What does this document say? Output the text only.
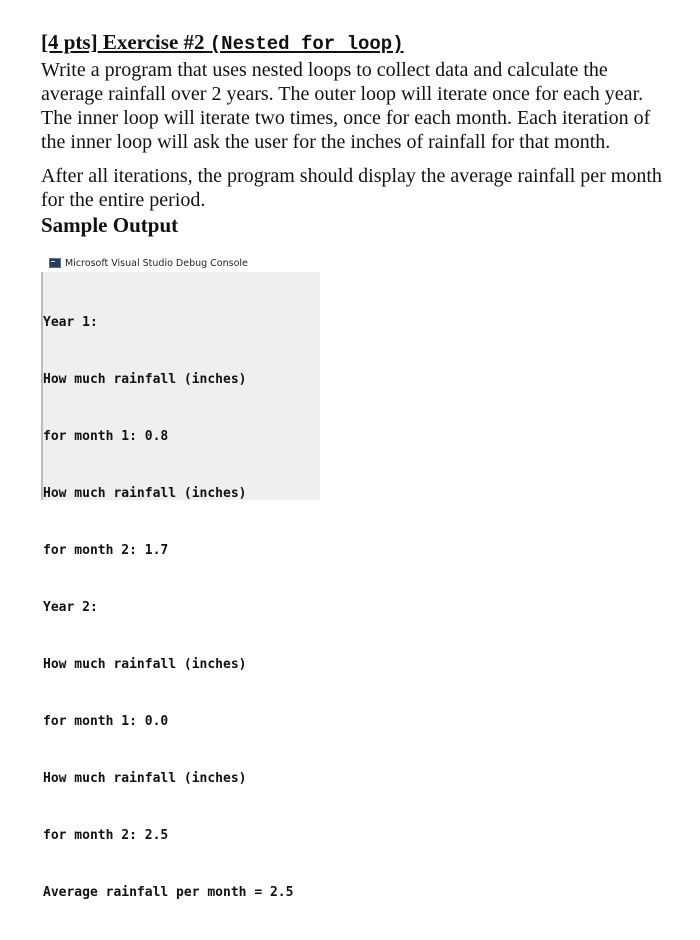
[4 pts] Exercise #2 (Nested for loop)

Write a program that uses nested loops to collect data and calculate the average rainfall over 2 years. The outer loop will iterate once for each year. The inner loop will iterate two times, once for each month. Each iteration of the inner loop will ask the user for the inches of rainfall for that month.

After all iterations, the program should display the average rainfall per month for the entire period.

Sample Output
Microsoft Visual Studio Debug Console

Year 1:

How much rainfall (inches)

for month 1: 0.8

How much rainfall (inches)

for month 2: 1.7

Year 2:

How much rainfall (inches)

for month 1: 0.0

How much rainfall (inches)

for month 2: 2.5

Average rainfall per month = 2.5
